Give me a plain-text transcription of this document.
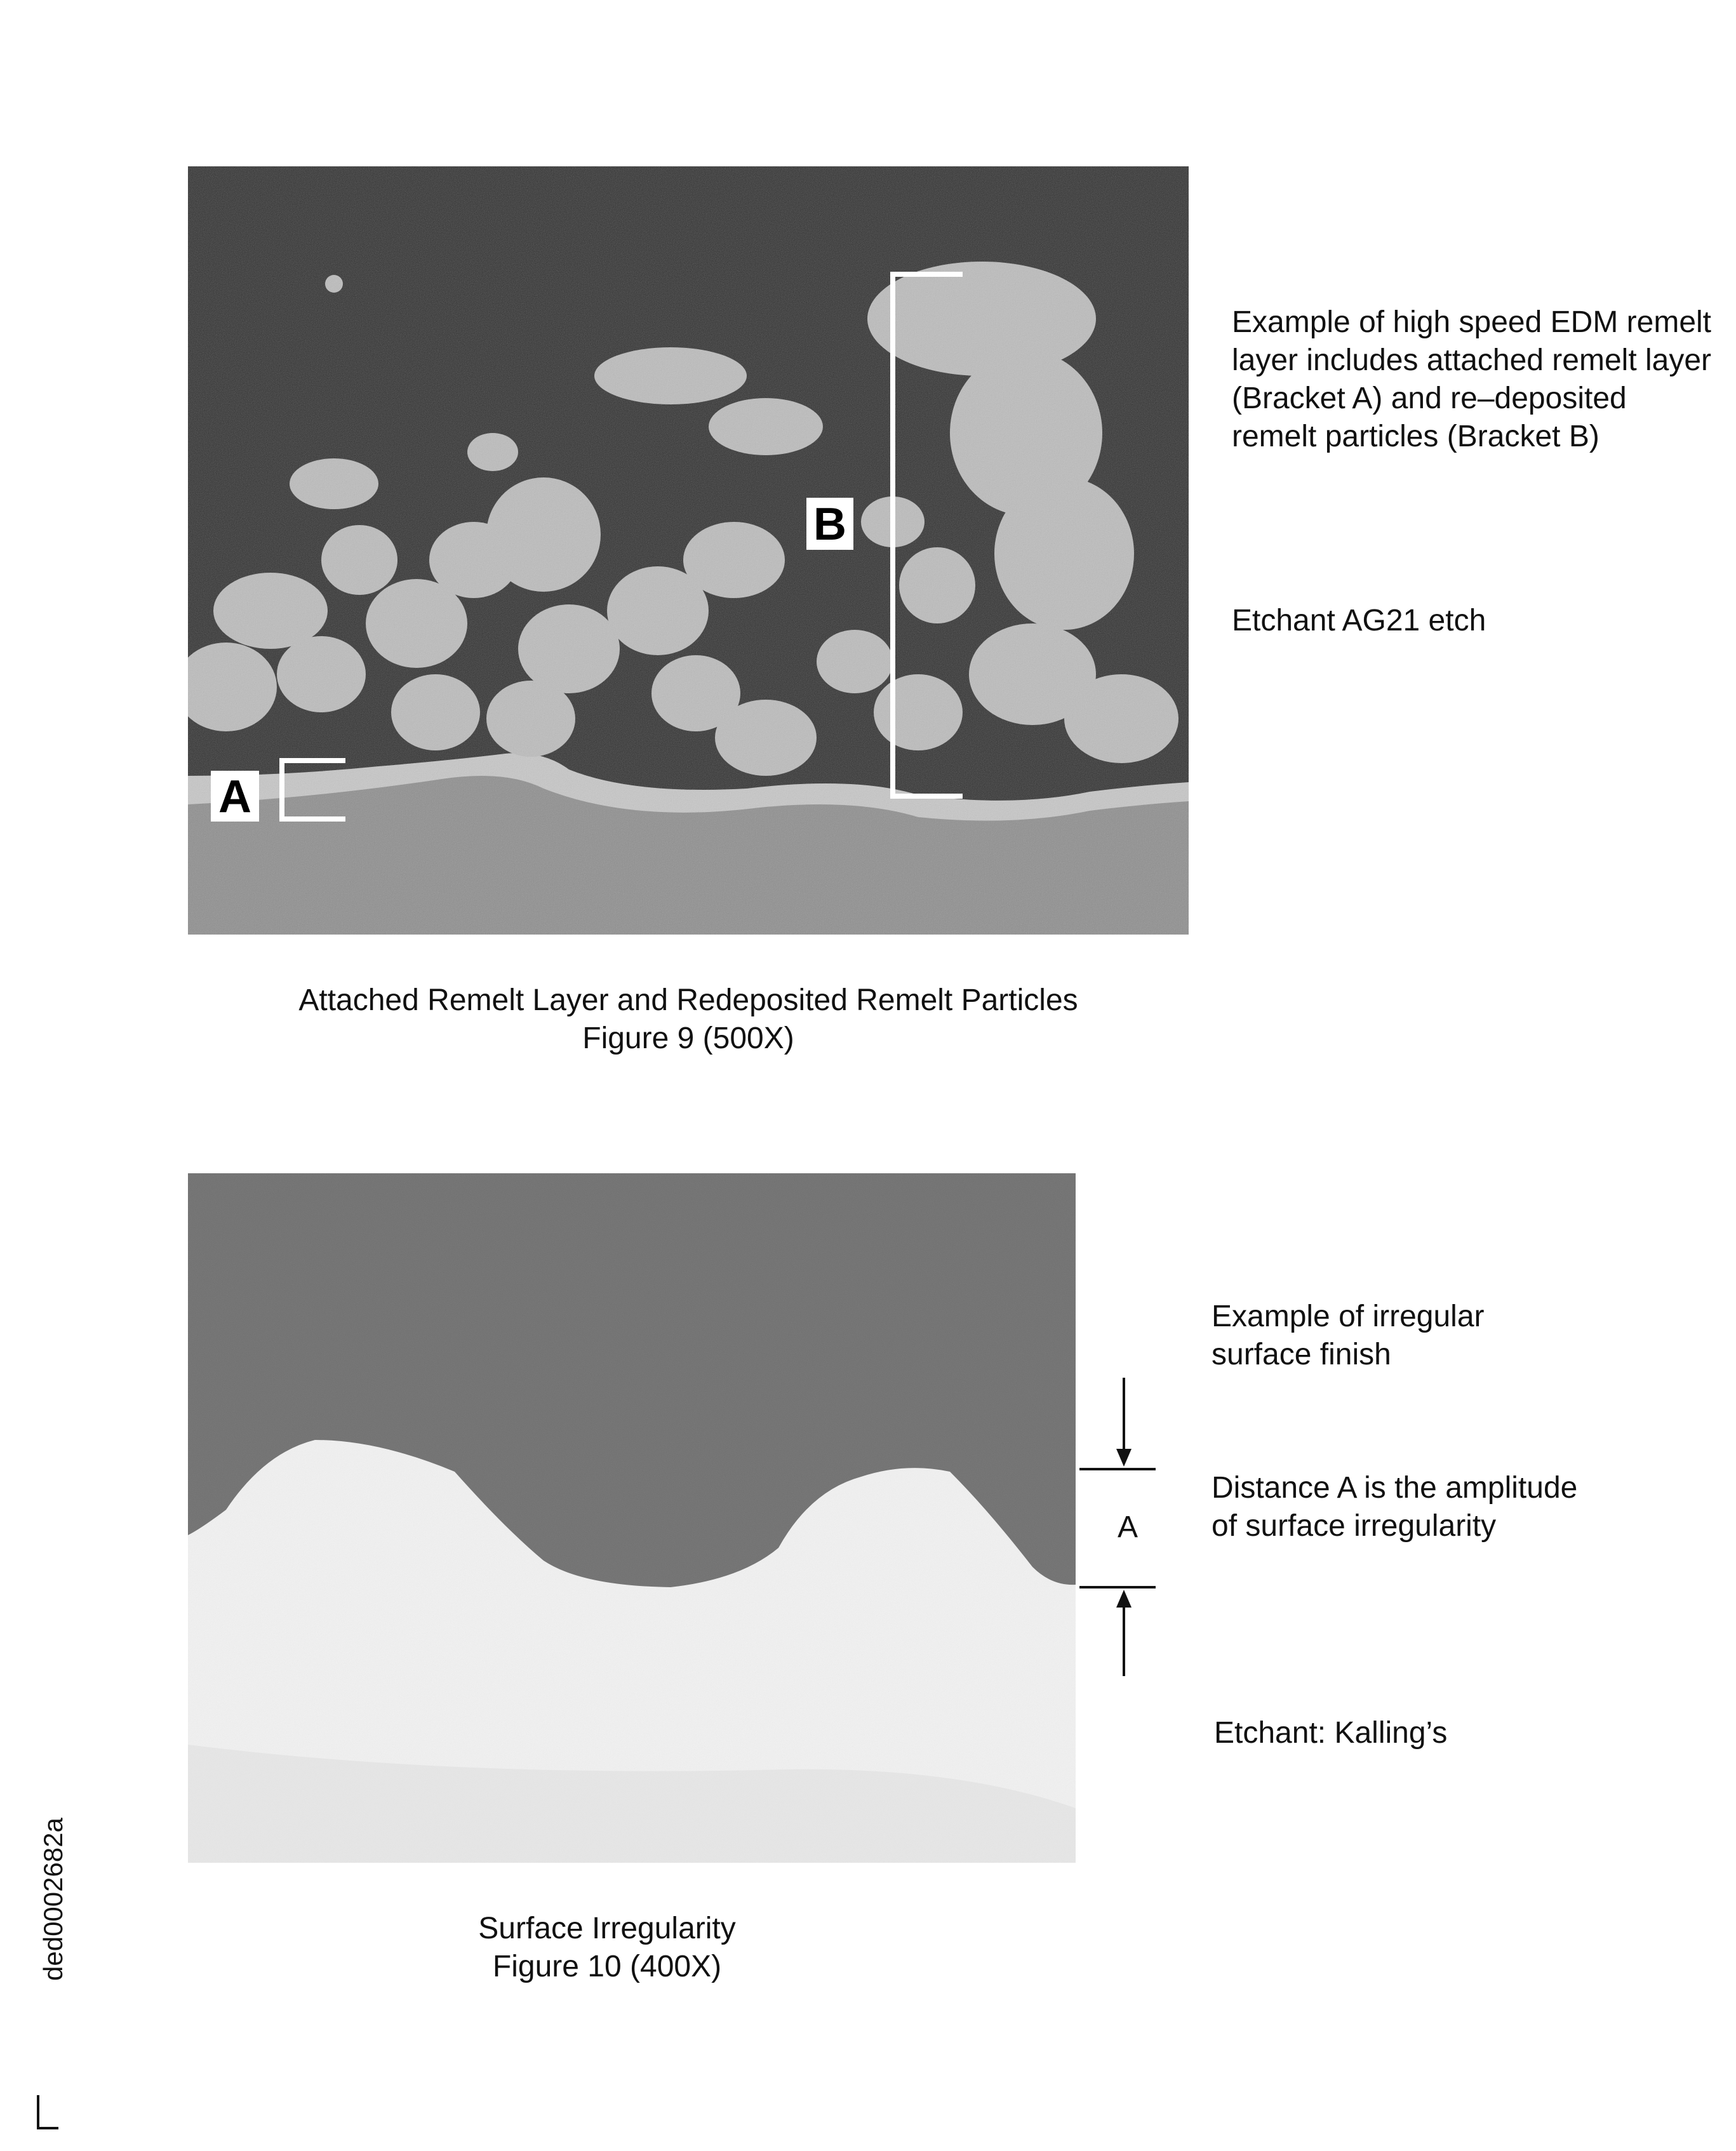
A
B
Example of high speed EDM remelt layer includes attached remelt layer (Bracket A) and re–deposited remelt particles (Bracket B)
Etchant AG21 etch
Attached Remelt Layer and Redeposited Remelt Particles
Figure 9 (500X)
A
Example of irregular surface finish
Distance A is the amplitude of surface irregularity
Etchant: Kalling’s
Surface Irregularity
Figure 10 (400X)
ded0002682a
